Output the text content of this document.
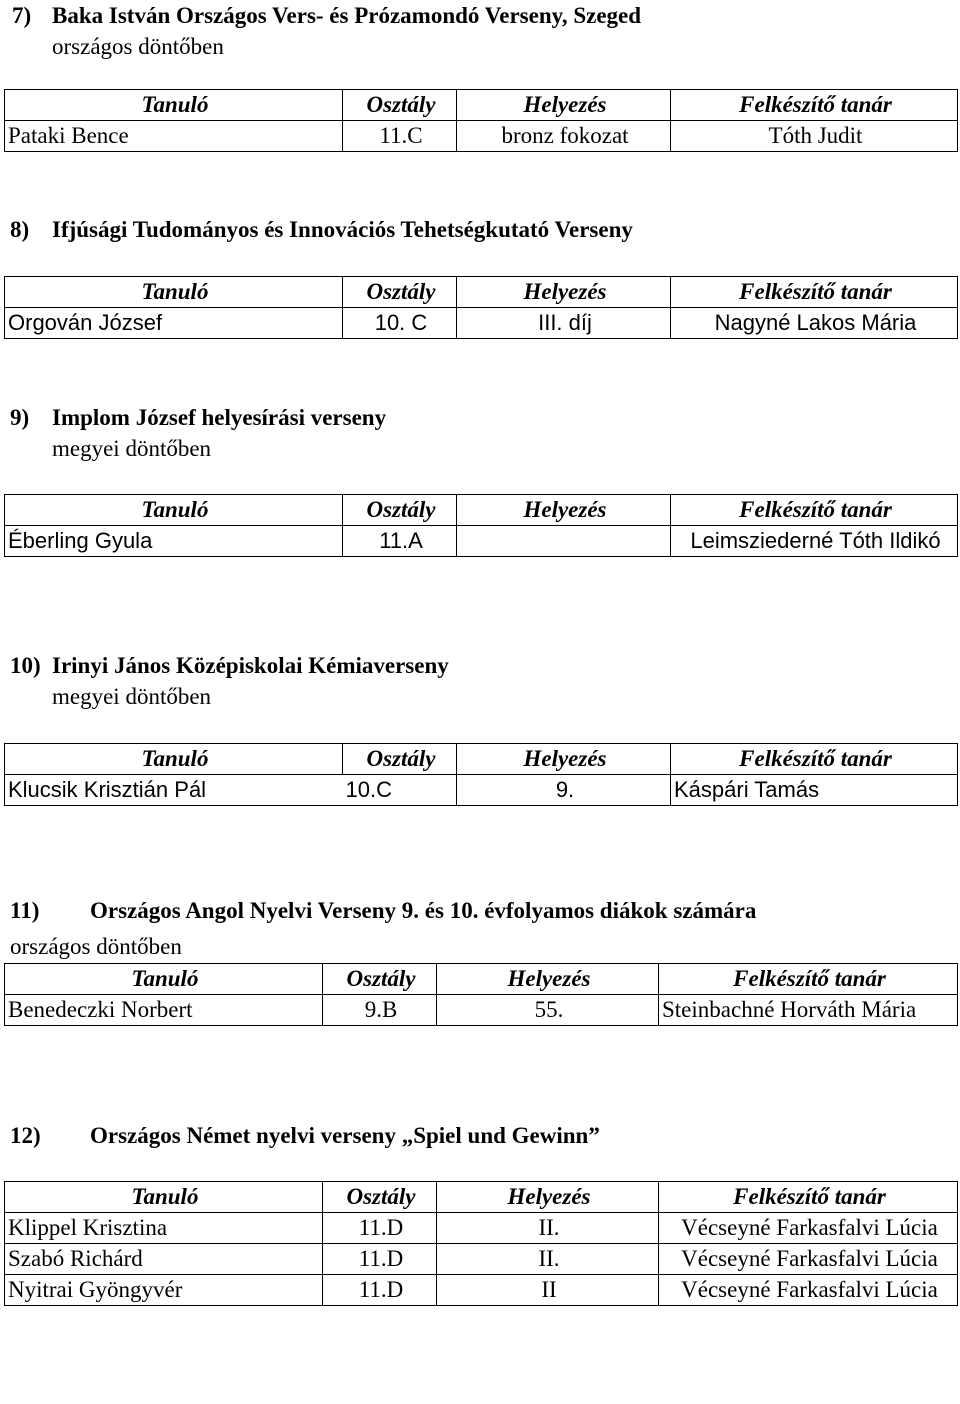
7) Baka István Országos Vers- és Prózamondó Verseny, Szeged
országos döntőben
Tanuló	Osztály	Helyezés	Felkészítő tanár
Pataki Bence	11.C	bronz fokozat	Tóth Judit
8) Ifjúsági Tudományos és Innovációs Tehetségkutató Verseny
Tanuló	Osztály	Helyezés	Felkészítő tanár
Orgován József	10. C	III. díj	Nagyné Lakos Mária
9) Implom József helyesírási verseny
megyei döntőben
Tanuló	Osztály	Helyezés	Felkészítő tanár
Éberling Gyula	11.A		Leimsziederné Tóth Ildikó
10) Irinyi János Középiskolai Kémiaverseny
megyei döntőben
Tanuló	Osztály	Helyezés	Felkészítő tanár
Klucsik Krisztián Pál	10.C	9.	Káspári Tamás
11) Országos Angol Nyelvi Verseny 9. és 10. évfolyamos diákok számára
országos döntőben
Tanuló	Osztály	Helyezés	Felkészítő tanár
Benedeczki Norbert	9.B	55.	Steinbachné Horváth Mária
12) Országos Német nyelvi verseny „Spiel und Gewinn”
Tanuló	Osztály	Helyezés	Felkészítő tanár
Klippel Krisztina	11.D	II.	Vécseyné Farkasfalvi Lúcia
Szabó Richárd	11.D	II.	Vécseyné Farkasfalvi Lúcia
Nyitrai Gyöngyvér	11.D	II	Vécseyné Farkasfalvi Lúcia
